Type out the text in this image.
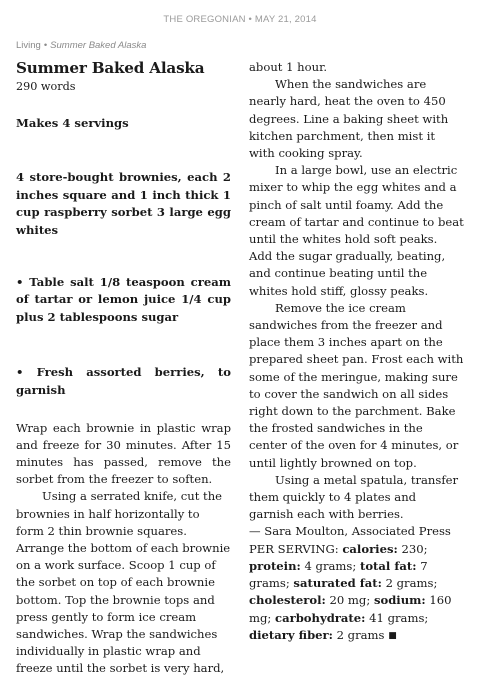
THE OREGONIAN • MAY 21, 2014
Living • Summer Baked Alaska
Summer Baked Alaska

290 words

Makes 4 servings

4 store-bought brownies, each 2 inches square and 1 inch thick 1 cup raspberry sorbet 3 large egg whites

• Table salt 1/8 teaspoon cream of tartar or lemon juice 1/4 cup plus 2 tablespoons sugar

• Fresh assorted berries, to garnish

Wrap each brownie in plastic wrap and freeze for 30 minutes. After 15 minutes has passed, remove the sorbet from the freezer to soften.

Using a serrated knife, cut the brownies in half horizontally to form 2 thin brownie squares. Arrange the bottom of each brownie on a work surface. Scoop 1 cup of the sorbet on top of each brownie bottom. Top the brownie tops and press gently to form ice cream sandwiches. Wrap the sandwiches individually in plastic wrap and freeze until the sorbet is very hard,

about 1 hour.

When the sandwiches are nearly hard, heat the oven to 450 degrees. Line a baking sheet with kitchen parchment, then mist it with cooking spray.

In a large bowl, use an electric mixer to whip the egg whites and a pinch of salt until foamy. Add the cream of tartar and continue to beat until the whites hold soft peaks. Add the sugar gradually, beating, and continue beating until the whites hold stiff, glossy peaks.

Remove the ice cream sandwiches from the freezer and place them 3 inches apart on the prepared sheet pan. Frost each with some of the meringue, making sure to cover the sandwich on all sides right down to the parchment. Bake the frosted sandwiches in the center of the oven for 4 minutes, or until lightly browned on top.

Using a metal spatula, transfer them quickly to 4 plates and garnish each with berries.

— Sara Moulton, Associated Press

PER SERVING: calories: 230; protein: 4 grams; total fat: 7 grams; saturated fat: 2 grams; cholesterol: 20 mg; sodium: 160 mg; carbohydrate: 41 grams; dietary fiber: 2 grams ■
